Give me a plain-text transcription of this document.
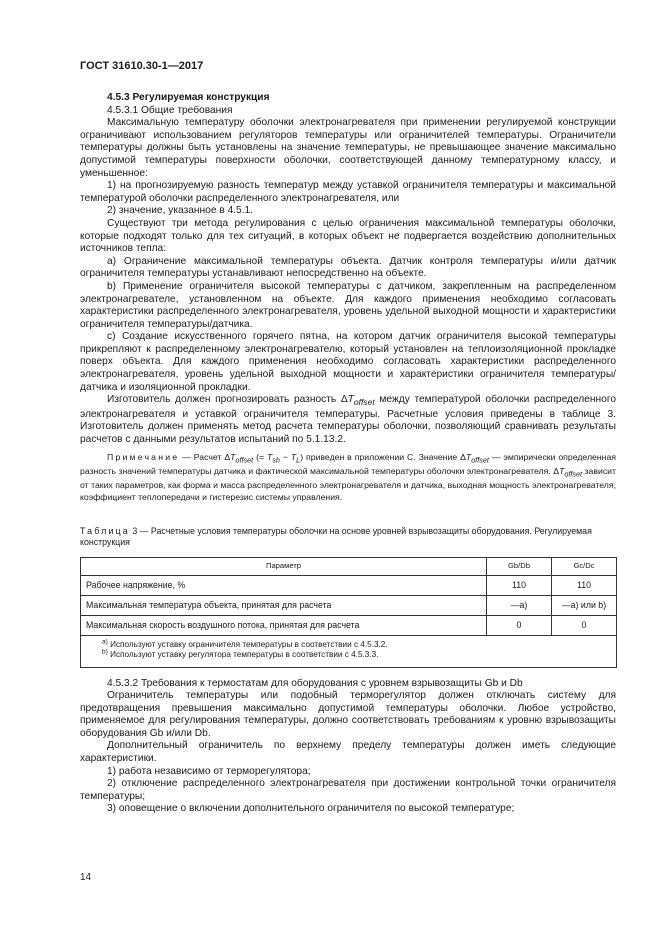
ГОСТ 31610.30-1—2017

4.5.3 Регулируемая конструкция

4.5.3.1 Общие требования

Максимальную температуру оболочки электронагревателя при применении регулируемой конструкции ограничивают использованием регуляторов температуры или ограничителей температуры. Ограничители температуры должны быть установлены на значение температуры, не превышающее значение максимально допустимой температуры поверхности оболочки, соответствующей данному температурному классу, и уменьшенное:

1) на прогнозируемую разность температур между уставкой ограничителя температуры и максимальной температурой оболочки распределенного электронагревателя, или

2) значение, указанное в 4.5.1.

Существуют три метода регулирования с целью ограничения максимальной температуры оболочки, которые подходят только для тех ситуаций, в которых объект не подвергается воздействию дополнительных источников тепла:

a) Ограничение максимальной температуры объекта. Датчик контроля температуры и/или датчик ограничителя температуры устанавливают непосредственно на объекте.

b) Применение ограничителя высокой температуры с датчиком, закрепленным на распределенном электронагревателе, установленном на объекте. Для каждого применения необходимо согласовать характеристики распределенного электронагревателя, уровень удельной выходной мощности и характеристики ограничителя температуры/датчика.

c) Создание искусственного горячего пятна, на котором датчик ограничителя высокой температуры прикрепляют к распределенному электронагревателю, который установлен на теплоизоляционной прокладке поверх объекта. Для каждого применения необходимо согласовать характеристики распределенного электронагревателя, уровень удельной выходной мощности и характеристики ограничителя температуры/датчика и изоляционной прокладки.

Изготовитель должен прогнозировать разность $\Delta T_{offset}$ между температурой оболочки распределенного электронагревателя и уставкой ограничителя температуры. Расчетные условия приведены в таблице 3. Изготовитель должен применять метод расчета температуры оболочки, позволяющий сравнивать результаты расчетов с данными результатов испытаний по 5.1.13.2.

Примечание — Расчет $\Delta T_{offset}$ (= $T_{sh} - T_L$) приведен в приложении С. Значение $\Delta T_{offset}$ — эмпирически определенная разность значений температуры датчика и фактической максимальной температуры оболочки электронагревателя. $\Delta T_{offset}$ зависит от таких параметров, как форма и масса распределенного электронагревателя и датчика, выходная мощность электронагревателя, коэффициент теплопередачи и гистерезис системы управления.

Таблица 3 — Расчетные условия температуры оболочки на основе уровней взрывозащиты оборудования. Регулируемая конструкция

Параметр	Gb/Db	Gc/Dc
Рабочее напряжение, %	110	110
Максимальная температура объекта, принятая для расчета	—a)	—a) или b)
Максимальная скорость воздушного потока, принятая для расчета	0	0

$^{a)}$ Используют уставку ограничителя температуры в соответствии с 4.5.3.2.
$^{b)}$ Используют уставку регулятора температуры в соответствии с 4.5.3.3.		

4.5.3.2 Требования к термостатам для оборудования с уровнем взрывозащиты Gb и Db

Ограничитель температуры или подобный терморегулятор должен отключать систему для предотвращения превышения максимально допустимой температуры оболочки. Любое устройство, применяемое для регулирования температуры, должно соответствовать требованиям к уровню взрывозащиты оборудования Gb и/или Db.

Дополнительный ограничитель по верхнему пределу температуры должен иметь следующие характеристики.

1) работа независимо от терморегулятора;

2) отключение распределенного электронагревателя при достижении контрольной точки ограничителя температуры;

3) оповещение о включении дополнительного ограничителя по высокой температуре;

14
